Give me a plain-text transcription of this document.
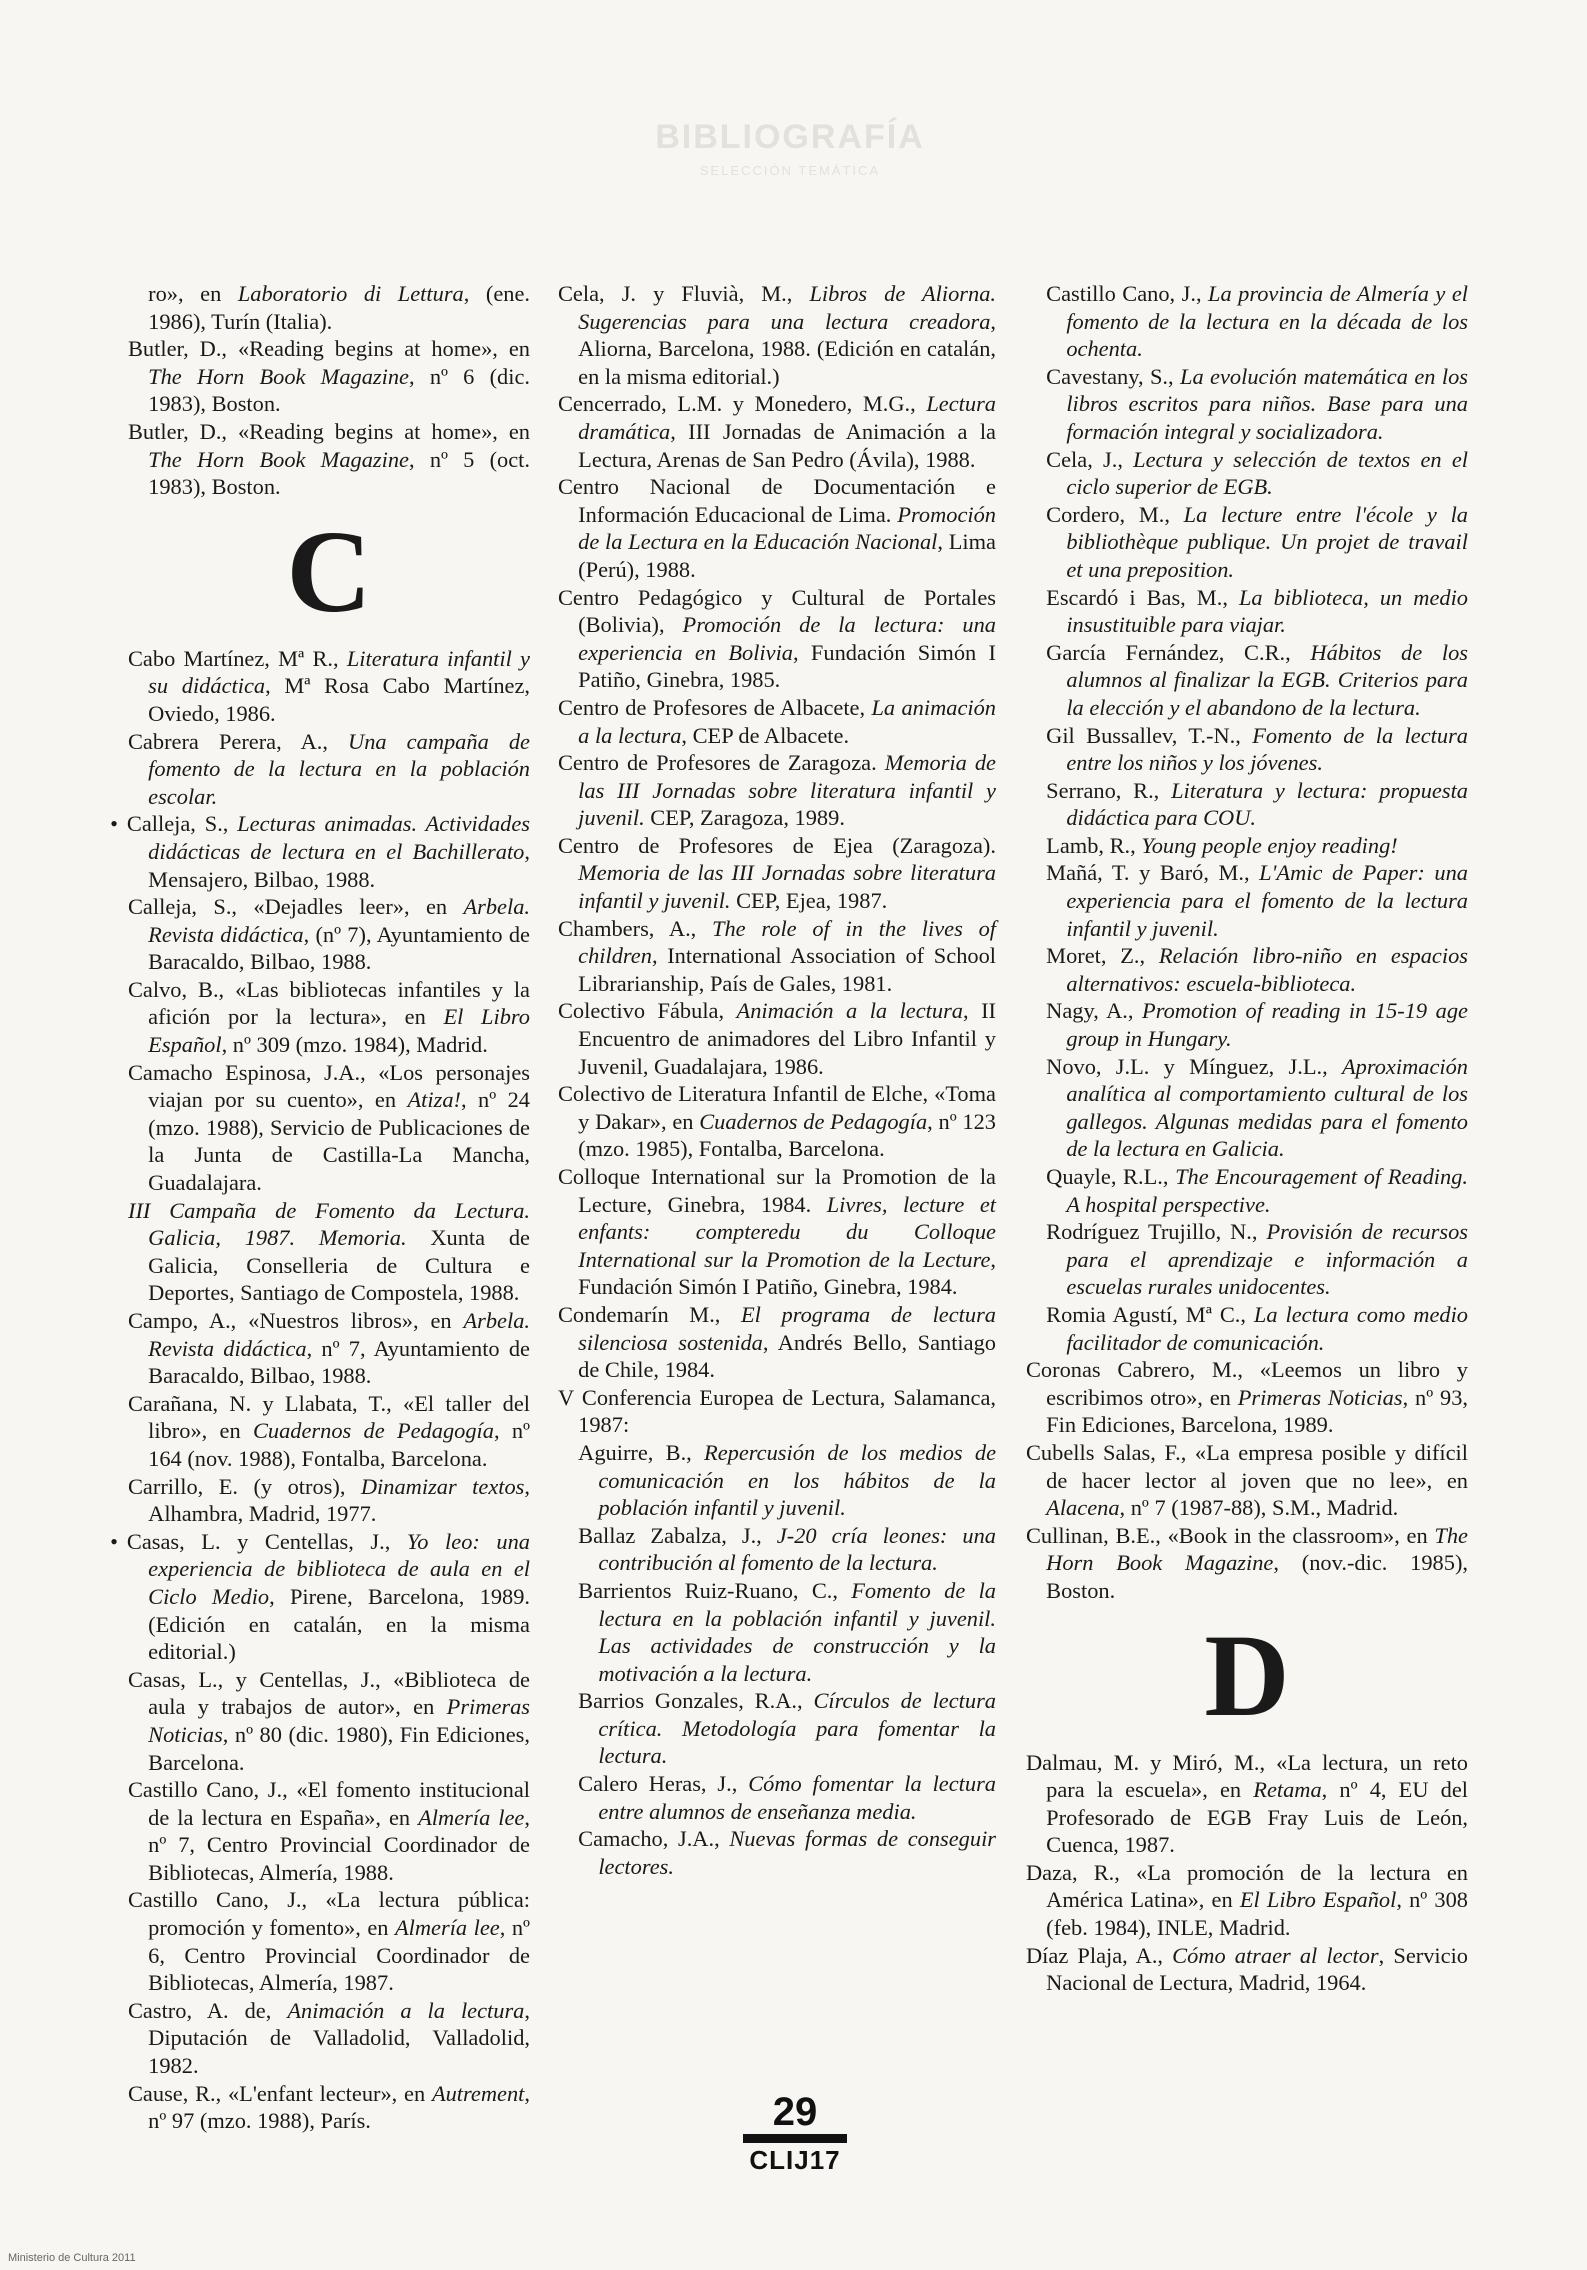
BIBLIOGRAFÍA
SELECCIÓN TEMÁTICA

ro», en Laboratorio di Lettura, (ene. 1986), Turín (Italia).

Butler, D., «Reading begins at home», en The Horn Book Magazine, nº 6 (dic. 1983), Boston.

Butler, D., «Reading begins at home», en The Horn Book Magazine, nº 5 (oct. 1983), Boston.

C

Cabo Martínez, Mª R., Literatura infantil y su didáctica, Mª Rosa Cabo Martínez, Oviedo, 1986.

Cabrera Perera, A., Una campaña de fomento de la lectura en la población escolar.

• Calleja, S., Lecturas animadas. Actividades didácticas de lectura en el Bachillerato, Mensajero, Bilbao, 1988.

Calleja, S., «Dejadles leer», en Arbela. Revista didáctica, (nº 7), Ayuntamiento de Baracaldo, Bilbao, 1988.

Calvo, B., «Las bibliotecas infantiles y la afición por la lectura», en El Libro Español, nº 309 (mzo. 1984), Madrid.

Camacho Espinosa, J.A., «Los personajes viajan por su cuento», en Atiza!, nº 24 (mzo. 1988), Servicio de Publicaciones de la Junta de Castilla-La Mancha, Guadalajara.

III Campaña de Fomento da Lectura. Galicia, 1987. Memoria. Xunta de Galicia, Conselleria de Cultura e Deportes, Santiago de Compostela, 1988.

Campo, A., «Nuestros libros», en Arbela. Revista didáctica, nº 7, Ayuntamiento de Baracaldo, Bilbao, 1988.

Carañana, N. y Llabata, T., «El taller del libro», en Cuadernos de Pedagogía, nº 164 (nov. 1988), Fontalba, Barcelona.

Carrillo, E. (y otros), Dinamizar textos, Alhambra, Madrid, 1977.

• Casas, L. y Centellas, J., Yo leo: una experiencia de biblioteca de aula en el Ciclo Medio, Pirene, Barcelona, 1989. (Edición en catalán, en la misma editorial.)

Casas, L., y Centellas, J., «Biblioteca de aula y trabajos de autor», en Primeras Noticias, nº 80 (dic. 1980), Fin Ediciones, Barcelona.

Castillo Cano, J., «El fomento institucional de la lectura en España», en Almería lee, nº 7, Centro Provincial Coordinador de Bibliotecas, Almería, 1988.

Castillo Cano, J., «La lectura pública: promoción y fomento», en Almería lee, nº 6, Centro Provincial Coordinador de Bibliotecas, Almería, 1987.

Castro, A. de, Animación a la lectura, Diputación de Valladolid, Valladolid, 1982.

Cause, R., «L'enfant lecteur», en Autrement, nº 97 (mzo. 1988), París.

Cela, J. y Fluvià, M., Libros de Aliorna. Sugerencias para una lectura creadora, Aliorna, Barcelona, 1988. (Edición en catalán, en la misma editorial.)

Cencerrado, L.M. y Monedero, M.G., Lectura dramática, III Jornadas de Animación a la Lectura, Arenas de San Pedro (Ávila), 1988.

Centro Nacional de Documentación e Información Educacional de Lima. Promoción de la Lectura en la Educación Nacional, Lima (Perú), 1988.

Centro Pedagógico y Cultural de Portales (Bolivia), Promoción de la lectura: una experiencia en Bolivia, Fundación Simón I Patiño, Ginebra, 1985.

Centro de Profesores de Albacete, La animación a la lectura, CEP de Albacete.

Centro de Profesores de Zaragoza. Memoria de las III Jornadas sobre literatura infantil y juvenil. CEP, Zaragoza, 1989.

Centro de Profesores de Ejea (Zaragoza). Memoria de las III Jornadas sobre literatura infantil y juvenil. CEP, Ejea, 1987.

Chambers, A., The role of in the lives of children, International Association of School Librarianship, País de Gales, 1981.

Colectivo Fábula, Animación a la lectura, II Encuentro de animadores del Libro Infantil y Juvenil, Guadalajara, 1986.

Colectivo de Literatura Infantil de Elche, «Toma y Dakar», en Cuadernos de Pedagogía, nº 123 (mzo. 1985), Fontalba, Barcelona.

Colloque International sur la Promotion de la Lecture, Ginebra, 1984. Livres, lecture et enfants: compteredu du Colloque International sur la Promotion de la Lecture, Fundación Simón I Patiño, Ginebra, 1984.

Condemarín M., El programa de lectura silenciosa sostenida, Andrés Bello, Santiago de Chile, 1984.

V Conferencia Europea de Lectura, Salamanca, 1987:

Aguirre, B., Repercusión de los medios de comunicación en los hábitos de la población infantil y juvenil.

Ballaz Zabalza, J., J-20 cría leones: una contribución al fomento de la lectura.

Barrientos Ruiz-Ruano, C., Fomento de la lectura en la población infantil y juvenil. Las actividades de construcción y la motivación a la lectura.

Barrios Gonzales, R.A., Círculos de lectura crítica. Metodología para fomentar la lectura.

Calero Heras, J., Cómo fomentar la lectura entre alumnos de enseñanza media.

Camacho, J.A., Nuevas formas de conseguir lectores.

Castillo Cano, J., La provincia de Almería y el fomento de la lectura en la década de los ochenta.

Cavestany, S., La evolución matemática en los libros escritos para niños. Base para una formación integral y socializadora.

Cela, J., Lectura y selección de textos en el ciclo superior de EGB.

Cordero, M., La lecture entre l'école y la bibliothèque publique. Un projet de travail et una preposition.

Escardó i Bas, M., La biblioteca, un medio insustituible para viajar.

García Fernández, C.R., Hábitos de los alumnos al finalizar la EGB. Criterios para la elección y el abandono de la lectura.

Gil Bussallev, T.-N., Fomento de la lectura entre los niños y los jóvenes.

Serrano, R., Literatura y lectura: propuesta didáctica para COU.

Lamb, R., Young people enjoy reading!

Mañá, T. y Baró, M., L'Amic de Paper: una experiencia para el fomento de la lectura infantil y juvenil.

Moret, Z., Relación libro-niño en espacios alternativos: escuela-biblioteca.

Nagy, A., Promotion of reading in 15-19 age group in Hungary.

Novo, J.L. y Mínguez, J.L., Aproximación analítica al comportamiento cultural de los gallegos. Algunas medidas para el fomento de la lectura en Galicia.

Quayle, R.L., The Encouragement of Reading. A hospital perspective.

Rodríguez Trujillo, N., Provisión de recursos para el aprendizaje e información a escuelas rurales unidocentes.

Romia Agustí, Mª C., La lectura como medio facilitador de comunicación.

Coronas Cabrero, M., «Leemos un libro y escribimos otro», en Primeras Noticias, nº 93, Fin Ediciones, Barcelona, 1989.

Cubells Salas, F., «La empresa posible y difícil de hacer lector al joven que no lee», en Alacena, nº 7 (1987-88), S.M., Madrid.

Cullinan, B.E., «Book in the classroom», en The Horn Book Magazine, (nov.-dic. 1985), Boston.

D

Dalmau, M. y Miró, M., «La lectura, un reto para la escuela», en Retama, nº 4, EU del Profesorado de EGB Fray Luis de León, Cuenca, 1987.

Daza, R., «La promoción de la lectura en América Latina», en El Libro Español, nº 308 (feb. 1984), INLE, Madrid.

Díaz Plaja, A., Cómo atraer al lector, Servicio Nacional de Lectura, Madrid, 1964.

29
CLIJ17
Ministerio de Cultura 2011
